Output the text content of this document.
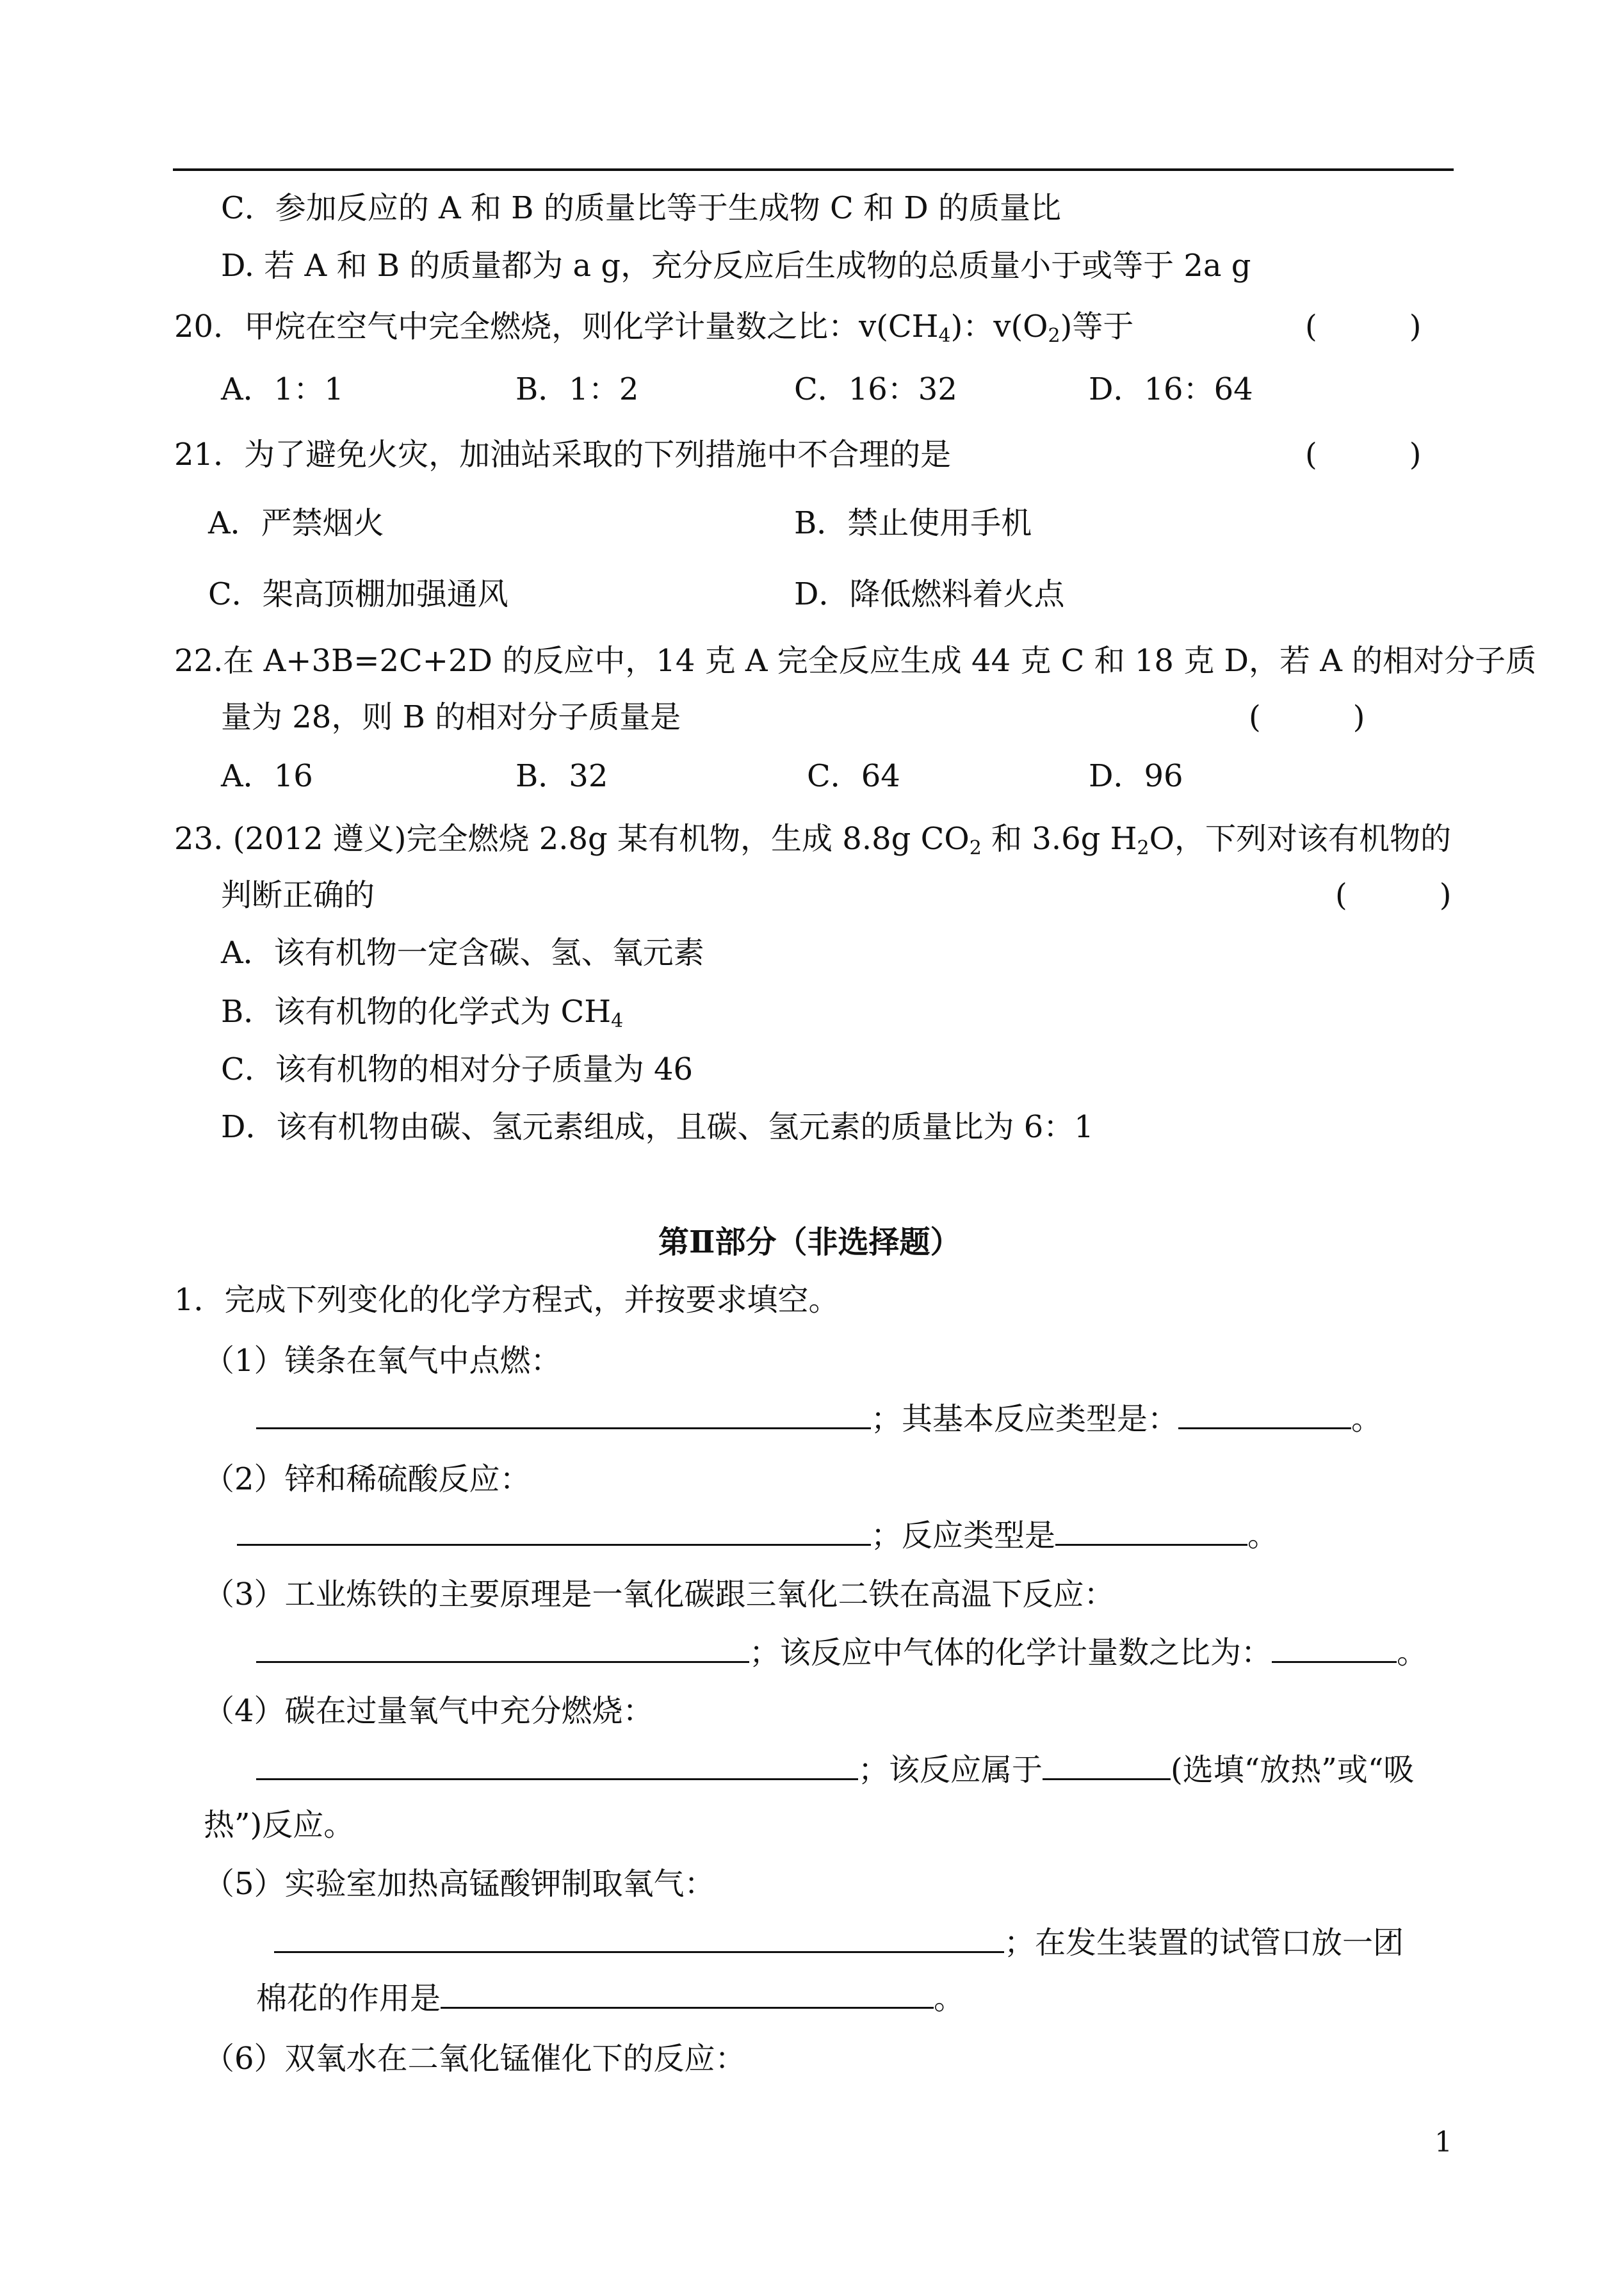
C．参加反应的 A 和 B 的质量比等于生成物 C 和 D 的质量比
D. 若 A 和 B 的质量都为 a g，充分反应后生成物的总质量小于或等于 2a g
20．甲烷在空气中完全燃烧，则化学计量数之比：$v(CH_4)$：$v(O_2)$等于	(　　　)
A．1：1	B．1：2	C．16：32	D．16：64
21．为了避免火灾，加油站采取的下列措施中不合理的是	(　　　)
A．严禁烟火	B．禁止使用手机
C．架高顶棚加强通风	D．降低燃料着火点
22.在 A+3B=2C+2D 的反应中，14 克 A 完全反应生成 44 克 C 和 18 克 D，若 A 的相对分子质
量为 28，则 B 的相对分子质量是	(　　　)
A．16	B．32	C．64	D．96
23. (2012 遵义)完全燃烧 2.8g 某有机物，生成 8.8g $CO_2$ 和 3.6g $H_2O$，下列对该有机物的
判断正确的	(　　　)
A．该有机物一定含碳、氢、氧元素
B．该有机物的化学式为 $CH_4$
C．该有机物的相对分子质量为 46
D．该有机物由碳、氢元素组成，且碳、氢元素的质量比为 6：1
第Ⅱ部分（非选择题）
1．完成下列变化的化学方程式，并按要求填空。
（1）镁条在氧气中点燃：
；其基本反应类型是：	。
（2）锌和稀硫酸反应：
；反应类型是	。
（3）工业炼铁的主要原理是一氧化碳跟三氧化二铁在高温下反应：
；该反应中气体的化学计量数之比为：	。
（4）碳在过量氧气中充分燃烧：
；该反应属于	(选填“放热”或“吸
热”)反应。
（5）实验室加热高锰酸钾制取氧气：
；在发生装置的试管口放一团
棉花的作用是	。
（6）双氧水在二氧化锰催化下的反应：
1
